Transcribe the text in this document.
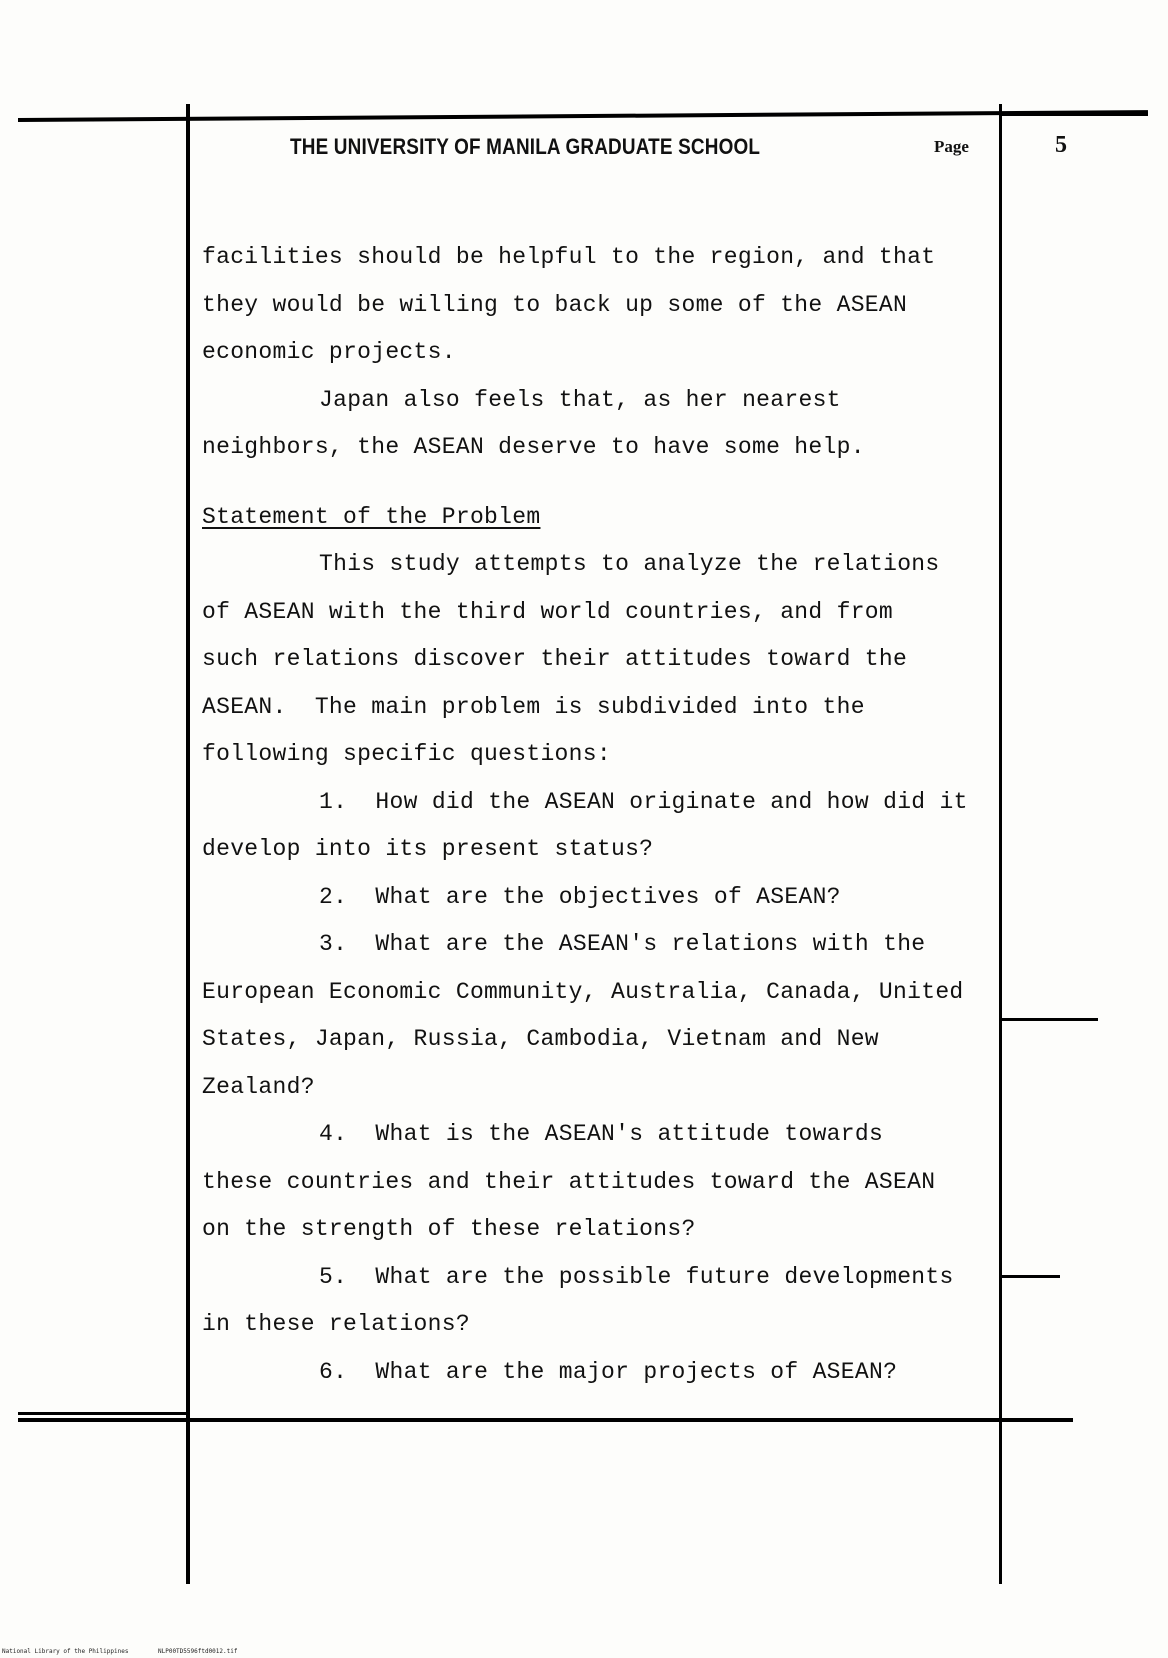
THE UNIVERSITY OF MANILA GRADUATE SCHOOL	Page	5
facilities should be helpful to the region, and that
they would be willing to back up some of the ASEAN
economic projects.
Japan also feels that, as her nearest
neighbors, the ASEAN deserve to have some help.
Statement of the Problem
This study attempts to analyze the relations
of ASEAN with the third world countries, and from
such relations discover their attitudes toward the
ASEAN.  The main problem is subdivided into the
following specific questions:
1.  How did the ASEAN originate and how did it
develop into its present status?
2.  What are the objectives of ASEAN?
3.  What are the ASEAN's relations with the
European Economic Community, Australia, Canada, United
States, Japan, Russia, Cambodia, Vietnam and New
Zealand?
4.  What is the ASEAN's attitude towards
these countries and their attitudes toward the ASEAN
on the strength of these relations?
5.  What are the possible future developments
in these relations?
6.  What are the major projects of ASEAN?
National Library of the Philippines	NLP00TD5596ftd0012.tif
